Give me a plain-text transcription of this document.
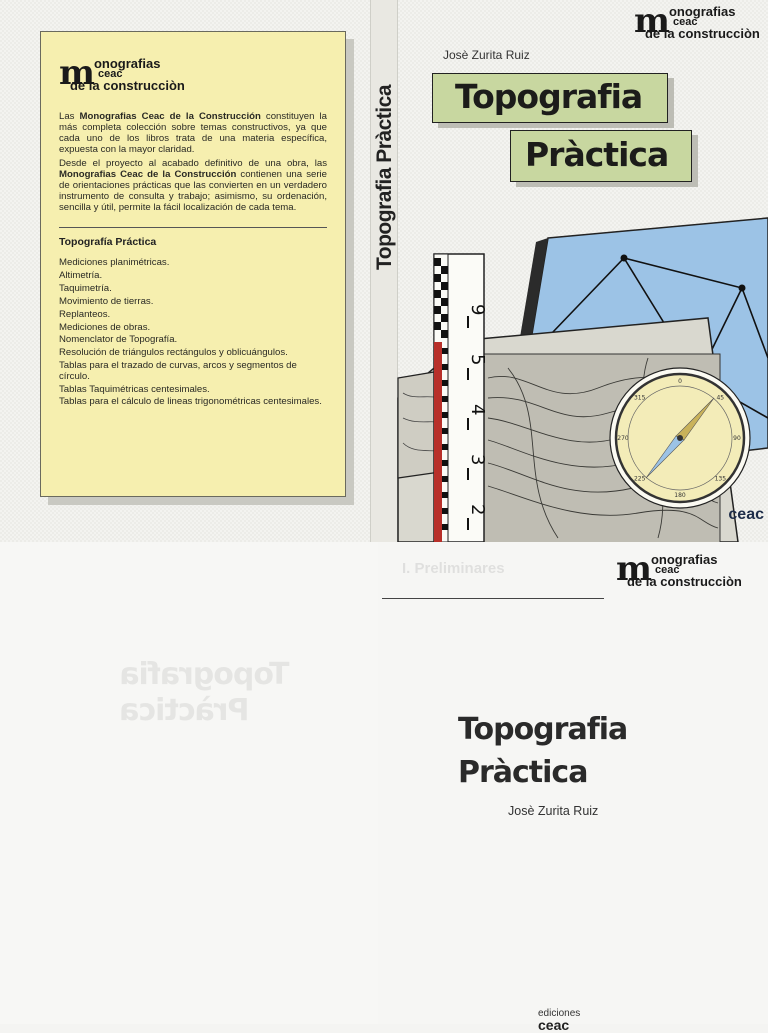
m onografias
ceac
de la construcciòn

Las Monografias Ceac de la Construcción constituyen la más completa colección sobre temas constructivos, ya que cada uno de los libros trata de una materia específica, expuesta con la mayor claridad.

Desde el proyecto al acabado definitivo de una obra, las Monografias Ceac de la Construcción contienen una serie de orientaciones prácticas que las convierten en un verdadero instrumento de consulta y trabajo; asimismo, su ordenación, sencilla y útil, permite la fácil localización de cada tema.

Topografía Práctica
Mediciones planimétricas.
Altimetría.
Taquimetría.
Movimiento de tierras.
Replanteos.
Mediciones de obras.
Nomenclator de Topografía.
Resolución de triángulos rectángulos y oblicuángulos.
Tablas para el trazado de curvas, arcos y segmentos de círculo.
Tablas Taquimétricas centesimales.
Tablas para el cálculo de lineas trigonométricas centesimales.
Topografia Pràctica
m onografias
ceac
de la construcciòn
Josè Zurita Ruiz
Topografia
Pràctica
9
5
4
3
2
0
45
90
135
180
225
270
315
ceac
Topografia
Pràctica
I. Preliminares	m onografias
ceac
de la construcciòn
Topografia
Pràctica
Josè Zurita Ruiz
ediciones
ceac
